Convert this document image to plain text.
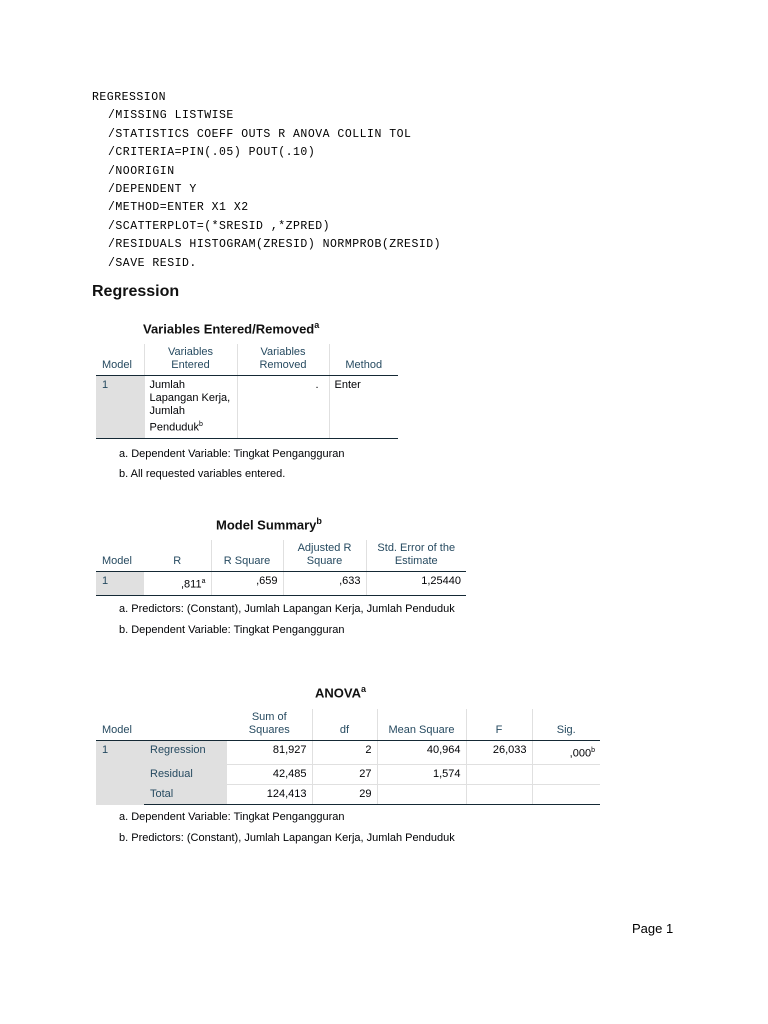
REGRESSION
/MISSING LISTWISE
/STATISTICS COEFF OUTS R ANOVA COLLIN TOL
/CRITERIA=PIN(.05) POUT(.10)
/NOORIGIN
/DEPENDENT Y
/METHOD=ENTER X1 X2
/SCATTERPLOT=(*SRESID ,*ZPRED)
/RESIDUALS HISTOGRAM(ZRESID) NORMPROB(ZRESID)
/SAVE RESID.
Regression
Variables Entered/Removed$^a$
Model	Variables Entered	Variables Removed	Method
1	Jumlah Lapangan Kerja, Jumlah Penduduk$^b$	.	Enter
a. Dependent Variable: Tingkat Pengangguran
b. All requested variables entered.
Model Summary$^b$
Model	R	R Square	Adjusted R Square	Std. Error of the Estimate
1	,811$^a$	,659	,633	1,25440
a. Predictors: (Constant), Jumlah Lapangan Kerja, Jumlah Penduduk
b. Dependent Variable: Tingkat Pengangguran
ANOVA$^a$
Model		Sum of Squares	df	Mean Square	F	Sig.
1	Regression	81,927	2	40,964	26,033	,000$^b$
	Residual	42,485	27	1,574		
	Total	124,413	29			
a. Dependent Variable: Tingkat Pengangguran
b. Predictors: (Constant), Jumlah Lapangan Kerja, Jumlah Penduduk
Page 1
